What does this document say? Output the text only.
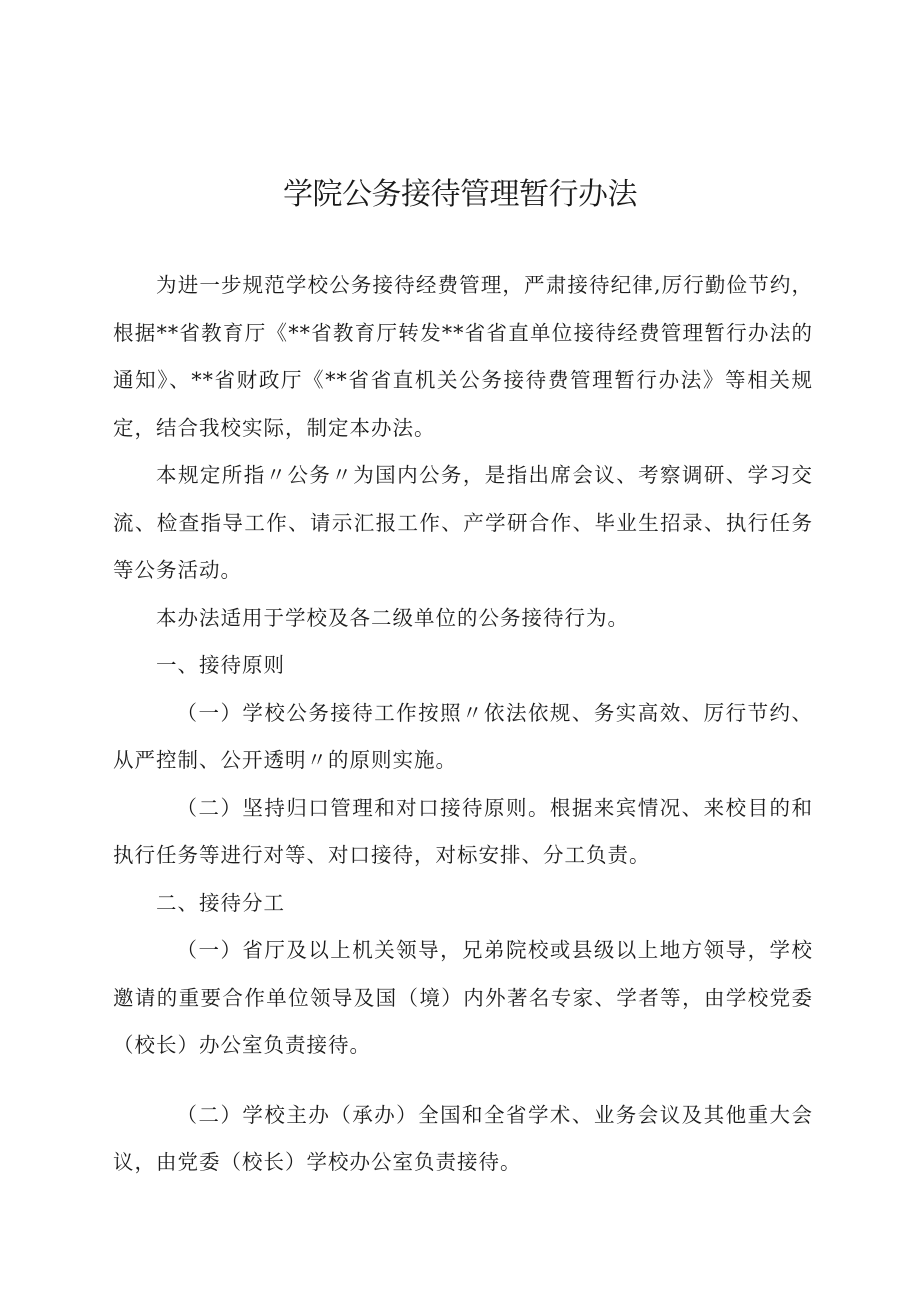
学院公务接待管理暂行办法

为进一步规范学校公务接待经费管理，严肃接待纪律,厉行勤俭节约，根据**省教育厅《**省教育厅转发**省省直单位接待经费管理暂行办法的通知》、**省财政厅《**省省直机关公务接待费管理暂行办法》等相关规定，结合我校实际，制定本办法。

本规定所指〃公务〃为国内公务，是指出席会议、考察调研、学习交流、检查指导工作、请示汇报工作、产学研合作、毕业生招录、执行任务等公务活动。

本办法适用于学校及各二级单位的公务接待行为。

一、接待原则

（一）学校公务接待工作按照〃依法依规、务实高效、厉行节约、从严控制、公开透明〃的原则实施。

（二）坚持归口管理和对口接待原则。根据来宾情况、来校目的和执行任务等进行对等、对口接待，对标安排、分工负责。

二、接待分工

（一）省厅及以上机关领导，兄弟院校或县级以上地方领导，学校邀请的重要合作单位领导及国（境）内外著名专家、学者等，由学校党委（校长）办公室负责接待。

（二）学校主办（承办）全国和全省学术、业务会议及其他重大会议，由党委（校长）学校办公室负责接待。
